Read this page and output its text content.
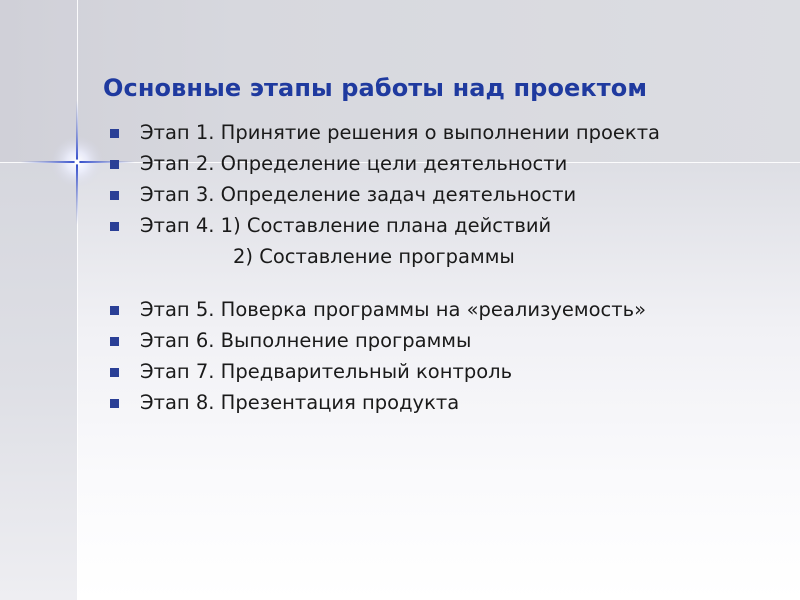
Основные этапы работы над проектом
Этап 1. Принятие решения о выполнении проекта
Этап 2. Определение цели деятельности
Этап 3. Определение задач деятельности
Этап 4. 1) Составление плана действий
2) Составление программы
Этап 5. Поверка программы на «реализуемость»
Этап 6. Выполнение программы
Этап 7. Предварительный контроль
Этап 8. Презентация продукта
